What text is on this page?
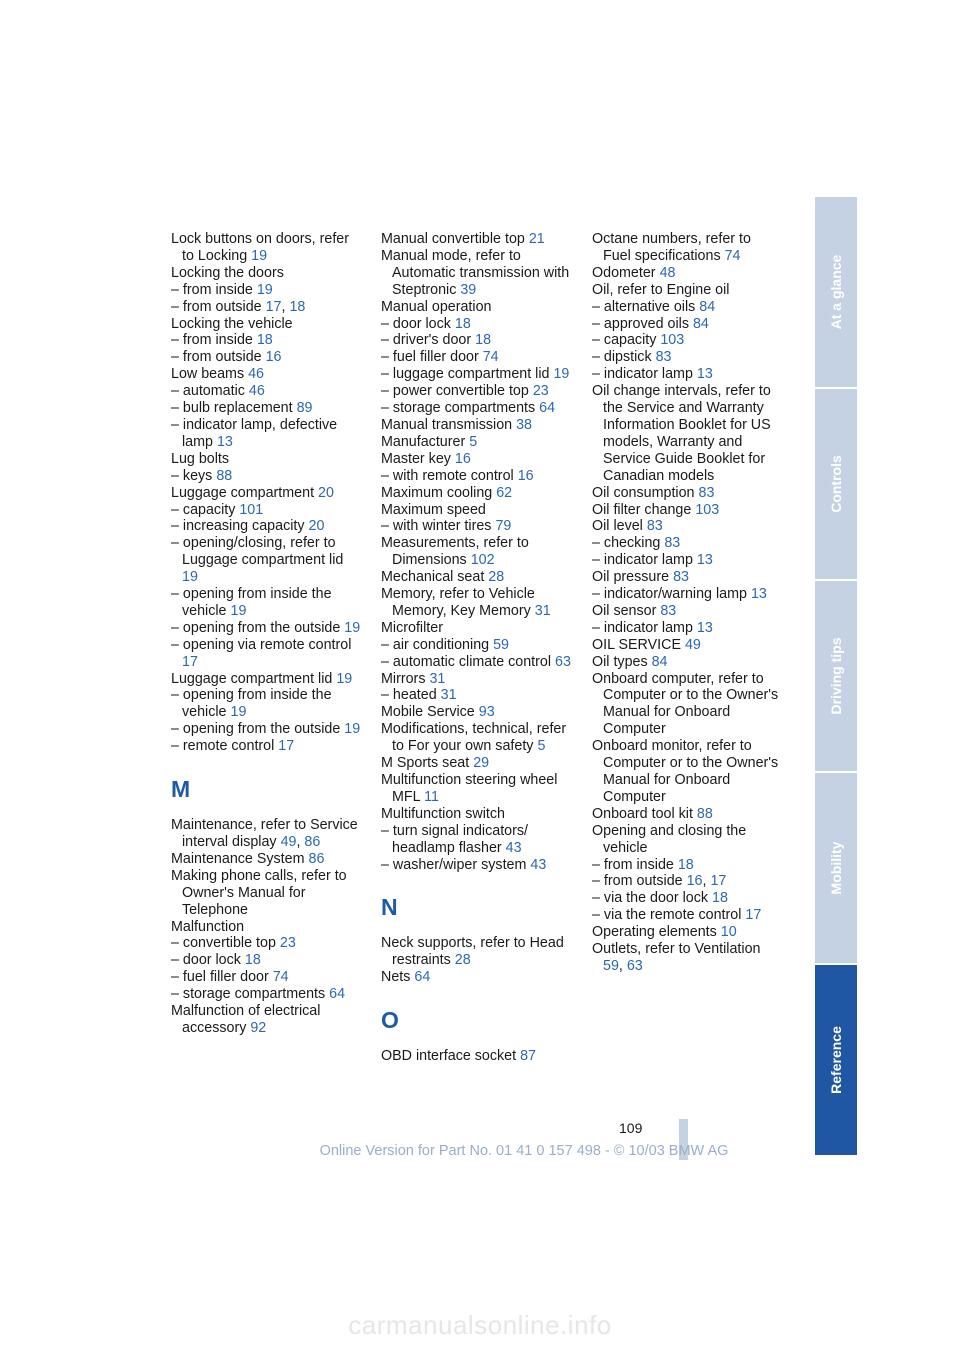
Lock buttons on doors, refer to Locking 19
Locking the doors
– from inside 19
– from outside 17, 18
Locking the vehicle
– from inside 18
– from outside 16
Low beams 46
– automatic 46
– bulb replacement 89
– indicator lamp, defective lamp 13
Lug bolts
– keys 88
Luggage compartment 20
– capacity 101
– increasing capacity 20
– opening/closing, refer to Luggage compartment lid 19
– opening from inside the vehicle 19
– opening from the outside 19
– opening via remote control 17
Luggage compartment lid 19
– opening from inside the vehicle 19
– opening from the outside 19
– remote control 17
M
Maintenance, refer to Service interval display 49, 86
Maintenance System 86
Making phone calls, refer to Owner's Manual for Telephone
Malfunction
– convertible top 23
– door lock 18
– fuel filler door 74
– storage compartments 64
Malfunction of electrical accessory 92
Manual convertible top 21
Manual mode, refer to Automatic transmission with Steptronic 39
Manual operation
– door lock 18
– driver's door 18
– fuel filler door 74
– luggage compartment lid 19
– power convertible top 23
– storage compartments 64
Manual transmission 38
Manufacturer 5
Master key 16
– with remote control 16
Maximum cooling 62
Maximum speed
– with winter tires 79
Measurements, refer to Dimensions 102
Mechanical seat 28
Memory, refer to Vehicle Memory, Key Memory 31
Microfilter
– air conditioning 59
– automatic climate control 63
Mirrors 31
– heated 31
Mobile Service 93
Modifications, technical, refer to For your own safety 5
M Sports seat 29
Multifunction steering wheel MFL 11
Multifunction switch
– turn signal indicators/ headlamp flasher 43
– washer/wiper system 43
N
Neck supports, refer to Head restraints 28
Nets 64
O
OBD interface socket 87
Octane numbers, refer to Fuel specifications 74
Odometer 48
Oil, refer to Engine oil
– alternative oils 84
– approved oils 84
– capacity 103
– dipstick 83
– indicator lamp 13
Oil change intervals, refer to the Service and Warranty Information Booklet for US models, Warranty and Service Guide Booklet for Canadian models
Oil consumption 83
Oil filter change 103
Oil level 83
– checking 83
– indicator lamp 13
Oil pressure 83
– indicator/warning lamp 13
Oil sensor 83
– indicator lamp 13
OIL SERVICE 49
Oil types 84
Onboard computer, refer to Computer or to the Owner's Manual for Onboard Computer
Onboard monitor, refer to Computer or to the Owner's Manual for Onboard Computer
Onboard tool kit 88
Opening and closing the vehicle
– from inside 18
– from outside 16, 17
– via the door lock 18
– via the remote control 17
Operating elements 10
Outlets, refer to Ventilation 59, 63
At a glance
Controls
Driving tips
Mobility
Reference
109
Online Version for Part No. 01 41 0 157 498 - © 10/03 BMW AG
carmanualsonline.info
